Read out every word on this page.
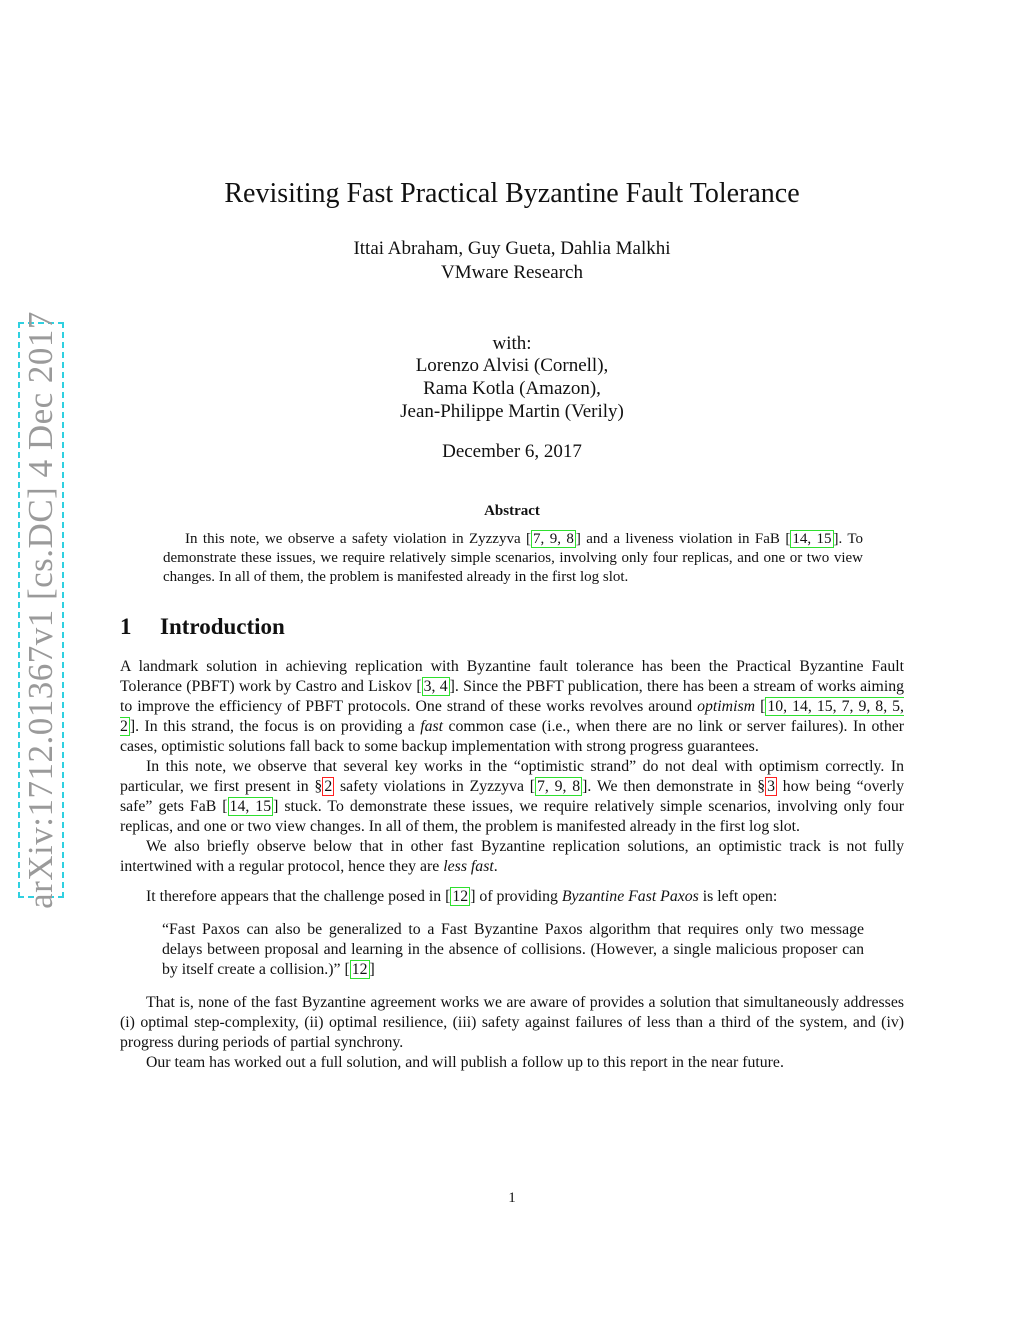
arXiv:1712.01367v1 [cs.DC] 4 Dec 2017
Revisiting Fast Practical Byzantine Fault Tolerance
Ittai Abraham, Guy Gueta, Dahlia Malkhi
VMware Research
with:
Lorenzo Alvisi (Cornell),
Rama Kotla (Amazon),
Jean-Philippe Martin (Verily)
December 6, 2017
Abstract
In this note, we observe a safety violation in Zyzzyva [ 7, 9, 8 ] and a liveness violation in FaB [ 14, 15 ]. To demonstrate these issues, we require relatively simple scenarios, involving only four replicas, and one or two view changes. In all of them, the problem is manifested already in the first log slot.
1 Introduction

A landmark solution in achieving replication with Byzantine fault tolerance has been the Practical Byzantine Fault Tolerance (PBFT) work by Castro and Liskov [ 3, 4 ]. Since the PBFT publication, there has been a stream of works aiming to improve the efficiency of PBFT protocols. One strand of these works revolves around optimism [ 10, 14, 15, 7, 9, 8, 5, 2 ]. In this strand, the focus is on providing a fast common case (i.e., when there are no link or server failures). In other cases, optimistic solutions fall back to some backup implementation with strong progress guarantees.

In this note, we observe that several key works in the “optimistic strand” do not deal with optimism correctly. In particular, we first present in § 2 safety violations in Zyzzyva [ 7, 9, 8 ]. We then demonstrate in § 3 how being “overly safe” gets FaB [ 14, 15 ] stuck. To demonstrate these issues, we require relatively simple scenarios, involving only four replicas, and one or two view changes. In all of them, the problem is manifested already in the first log slot.

We also briefly observe below that in other fast Byzantine replication solutions, an optimistic track is not fully intertwined with a regular protocol, hence they are less fast.

It therefore appears that the challenge posed in [ 12 ] of providing Byzantine Fast Paxos is left open:

“Fast Paxos can also be generalized to a Fast Byzantine Paxos algorithm that requires only two message delays between proposal and learning in the absence of collisions. (However, a single malicious proposer can by itself create a collision.)” [ 12 ]

That is, none of the fast Byzantine agreement works we are aware of provides a solution that simultaneously addresses (i) optimal step-complexity, (ii) optimal resilience, (iii) safety against failures of less than a third of the system, and (iv) progress during periods of partial synchrony.

Our team has worked out a full solution, and will publish a follow up to this report in the near future.

1
